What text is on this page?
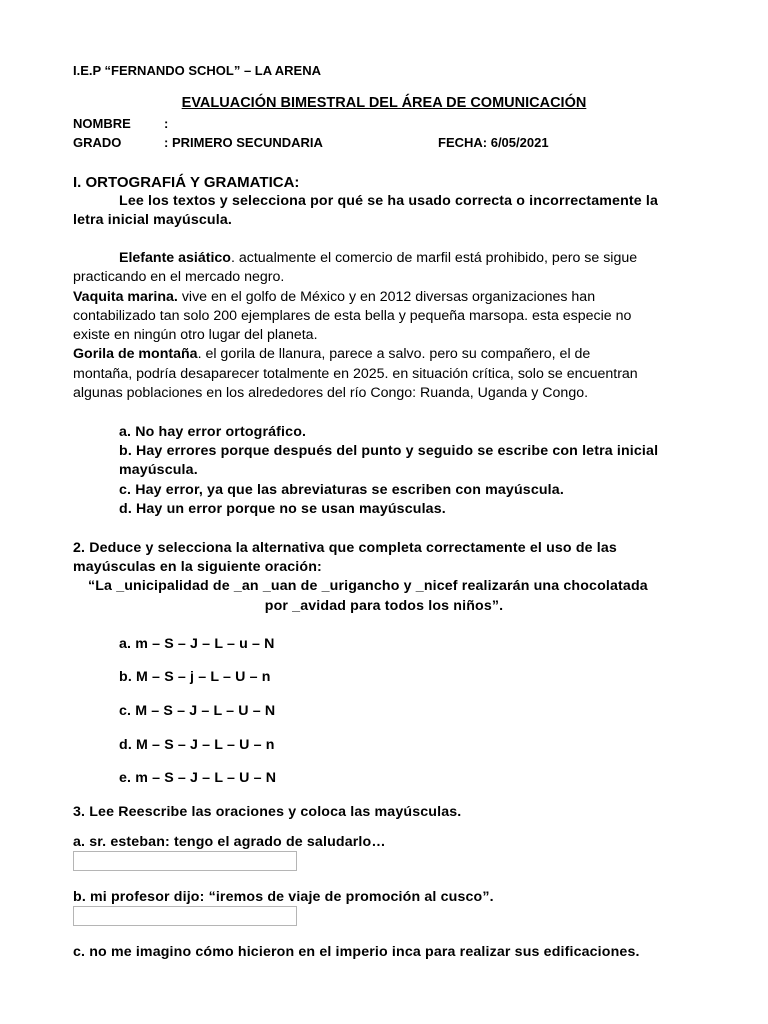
I.E.P “FERNANDO SCHOL” – LA ARENA
EVALUACIÓN BIMESTRAL DEL ÁREA DE COMUNICACIÓN
NOMBRE	:
GRADO	: PRIMERO SECUNDARIA	FECHA: 6/05/2021
I. ORTOGRAFIÁ Y GRAMATICA:
Lee los textos y selecciona por qué se ha usado correcta o incorrectamente la
letra inicial mayúscula.
Elefante asiático. actualmente el comercio de marfil está prohibido, pero se sigue
practicando en el mercado negro.
Vaquita marina. vive en el golfo de México y en 2012 diversas organizaciones han
contabilizado tan solo 200 ejemplares de esta bella y pequeña marsopa. esta especie no
existe en ningún otro lugar del planeta.
Gorila de montaña. el gorila de llanura, parece a salvo. pero su compañero, el de
montaña, podría desaparecer totalmente en 2025. en situación crítica, solo se encuentran
algunas poblaciones en los alrededores del río Congo: Ruanda, Uganda y Congo.
a. No hay error ortográfico.
b. Hay errores porque después del punto y seguido se escribe con letra inicial
mayúscula.
c. Hay error, ya que las abreviaturas se escriben con mayúscula.
d. Hay un error porque no se usan mayúsculas.
2. Deduce y selecciona la alternativa que completa correctamente el uso de las
mayúsculas en la siguiente oración:
“La _unicipalidad de _an _uan de _urigancho y _nicef realizarán una chocolatada
por _avidad para todos los niños”.
a. m – S – J – L – u – N
b. M – S – j – L – U – n
c. M – S – J – L – U – N
d. M – S – J – L – U – n
e. m – S – J – L – U – N
3. Lee Reescribe las oraciones y coloca las mayúsculas.
a. sr. esteban: tengo el agrado de saludarlo…
b. mi profesor dijo: “iremos de viaje de promoción al cusco”.
c. no me imagino cómo hicieron en el imperio inca para realizar sus edificaciones.
